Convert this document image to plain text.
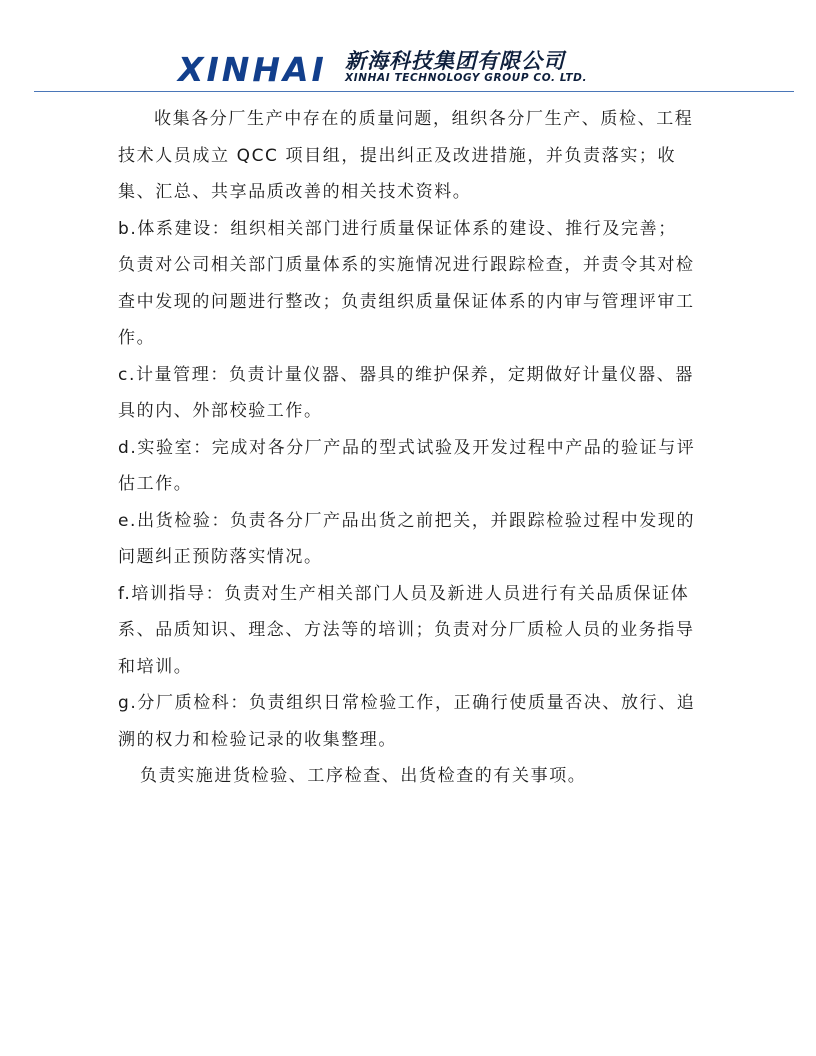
XINHAI 新海科技集团有限公司
XINHAI TECHNOLOGY GROUP CO. LTD.

收集各分厂生产中存在的质量问题，组织各分厂生产、质检、工程技术人员成立 QCC 项目组，提出纠正及改进措施，并负责落实；收集、汇总、共享品质改善的相关技术资料。

b.体系建设：组织相关部门进行质量保证体系的建设、推行及完善；

负责对公司相关部门质量体系的实施情况进行跟踪检查，并责令其对检查中发现的问题进行整改；负责组织质量保证体系的内审与管理评审工作。

c.计量管理：负责计量仪器、器具的维护保养，定期做好计量仪器、器具的内、外部校验工作。

d.实验室：完成对各分厂产品的型式试验及开发过程中产品的验证与评估工作。

e.出货检验：负责各分厂产品出货之前把关，并跟踪检验过程中发现的问题纠正预防落实情况。

f.培训指导：负责对生产相关部门人员及新进人员进行有关品质保证体系、品质知识、理念、方法等的培训；负责对分厂质检人员的业务指导和培训。

g.分厂质检科：负责组织日常检验工作，正确行使质量否决、放行、追溯的权力和检验记录的收集整理。

负责实施进货检验、工序检查、出货检查的有关事项。
